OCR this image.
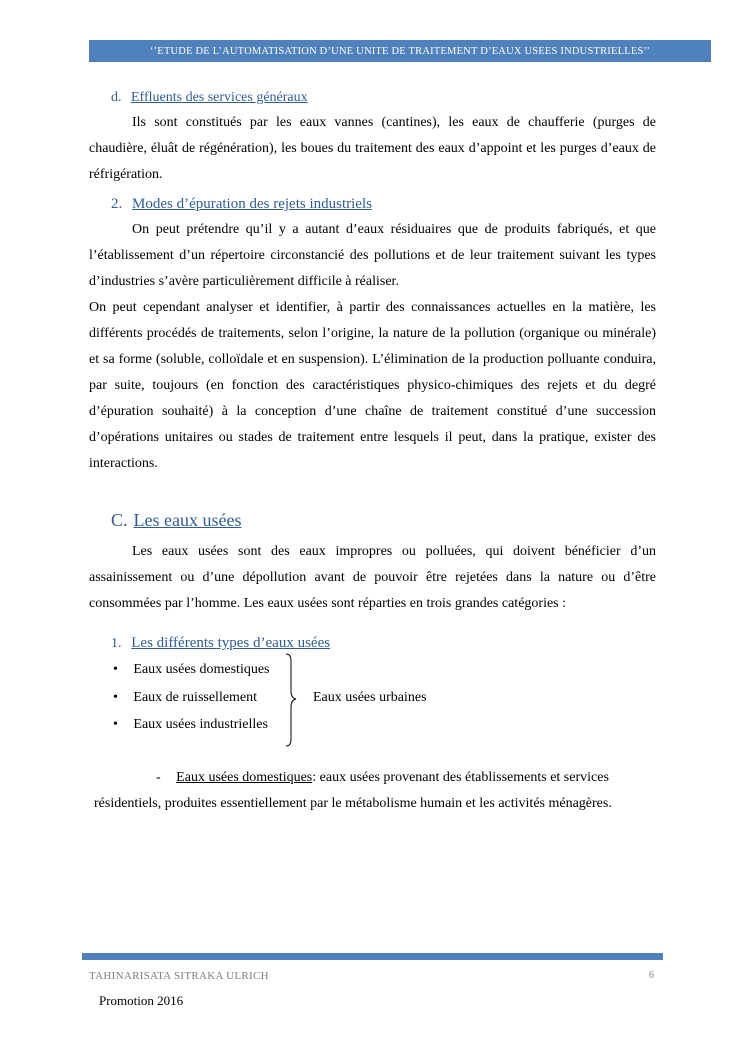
‘’ETUDE DE L’AUTOMATISATION D’UNE UNITE DE TRAITEMENT D’EAUX USEES INDUSTRIELLES’’
d. Effluents des services généraux
Ils sont constitués par les eaux vannes (cantines), les eaux de chaufferie (purges de chaudière, éluât de régénération), les boues du traitement des eaux d’appoint et les purges d’eaux de réfrigération.
2. Modes d’épuration des rejets industriels
On peut prétendre qu’il y a autant d’eaux résiduaires que de produits fabriqués, et que l’établissement d’un répertoire circonstancié des pollutions et de leur traitement suivant les types d’industries s’avère particulièrement difficile à réaliser.
On peut cependant analyser et identifier, à partir des connaissances actuelles en la matière, les différents procédés de traitements, selon l’origine, la nature de la pollution (organique ou minérale) et sa forme (soluble, colloïdale et en suspension). L’élimination de la production polluante conduira, par suite, toujours (en fonction des caractéristiques physico-chimiques des rejets et du degré d’épuration souhaité) à la conception d’une chaîne de traitement constitué d’une succession d’opérations unitaires ou stades de traitement entre lesquels il peut, dans la pratique, exister des interactions.
C. Les eaux usées
Les eaux usées sont des eaux impropres ou polluées, qui doivent bénéficier d’un assainissement ou d’une dépollution avant de pouvoir être rejetées dans la nature ou d’être consommées par l’homme. Les eaux usées sont réparties en trois grandes catégories :
1. Les différents types d’eaux usées
• Eaux usées domestiques
• Eaux de ruissellement
• Eaux usées industrielles
Eaux usées urbaines
- Eaux usées domestiques: eaux usées provenant des établissements et services
résidentiels, produites essentiellement par le métabolisme humain et les activités ménagères.
TAHINARISATA SITRAKA ULRICH	6
Promotion 2016
